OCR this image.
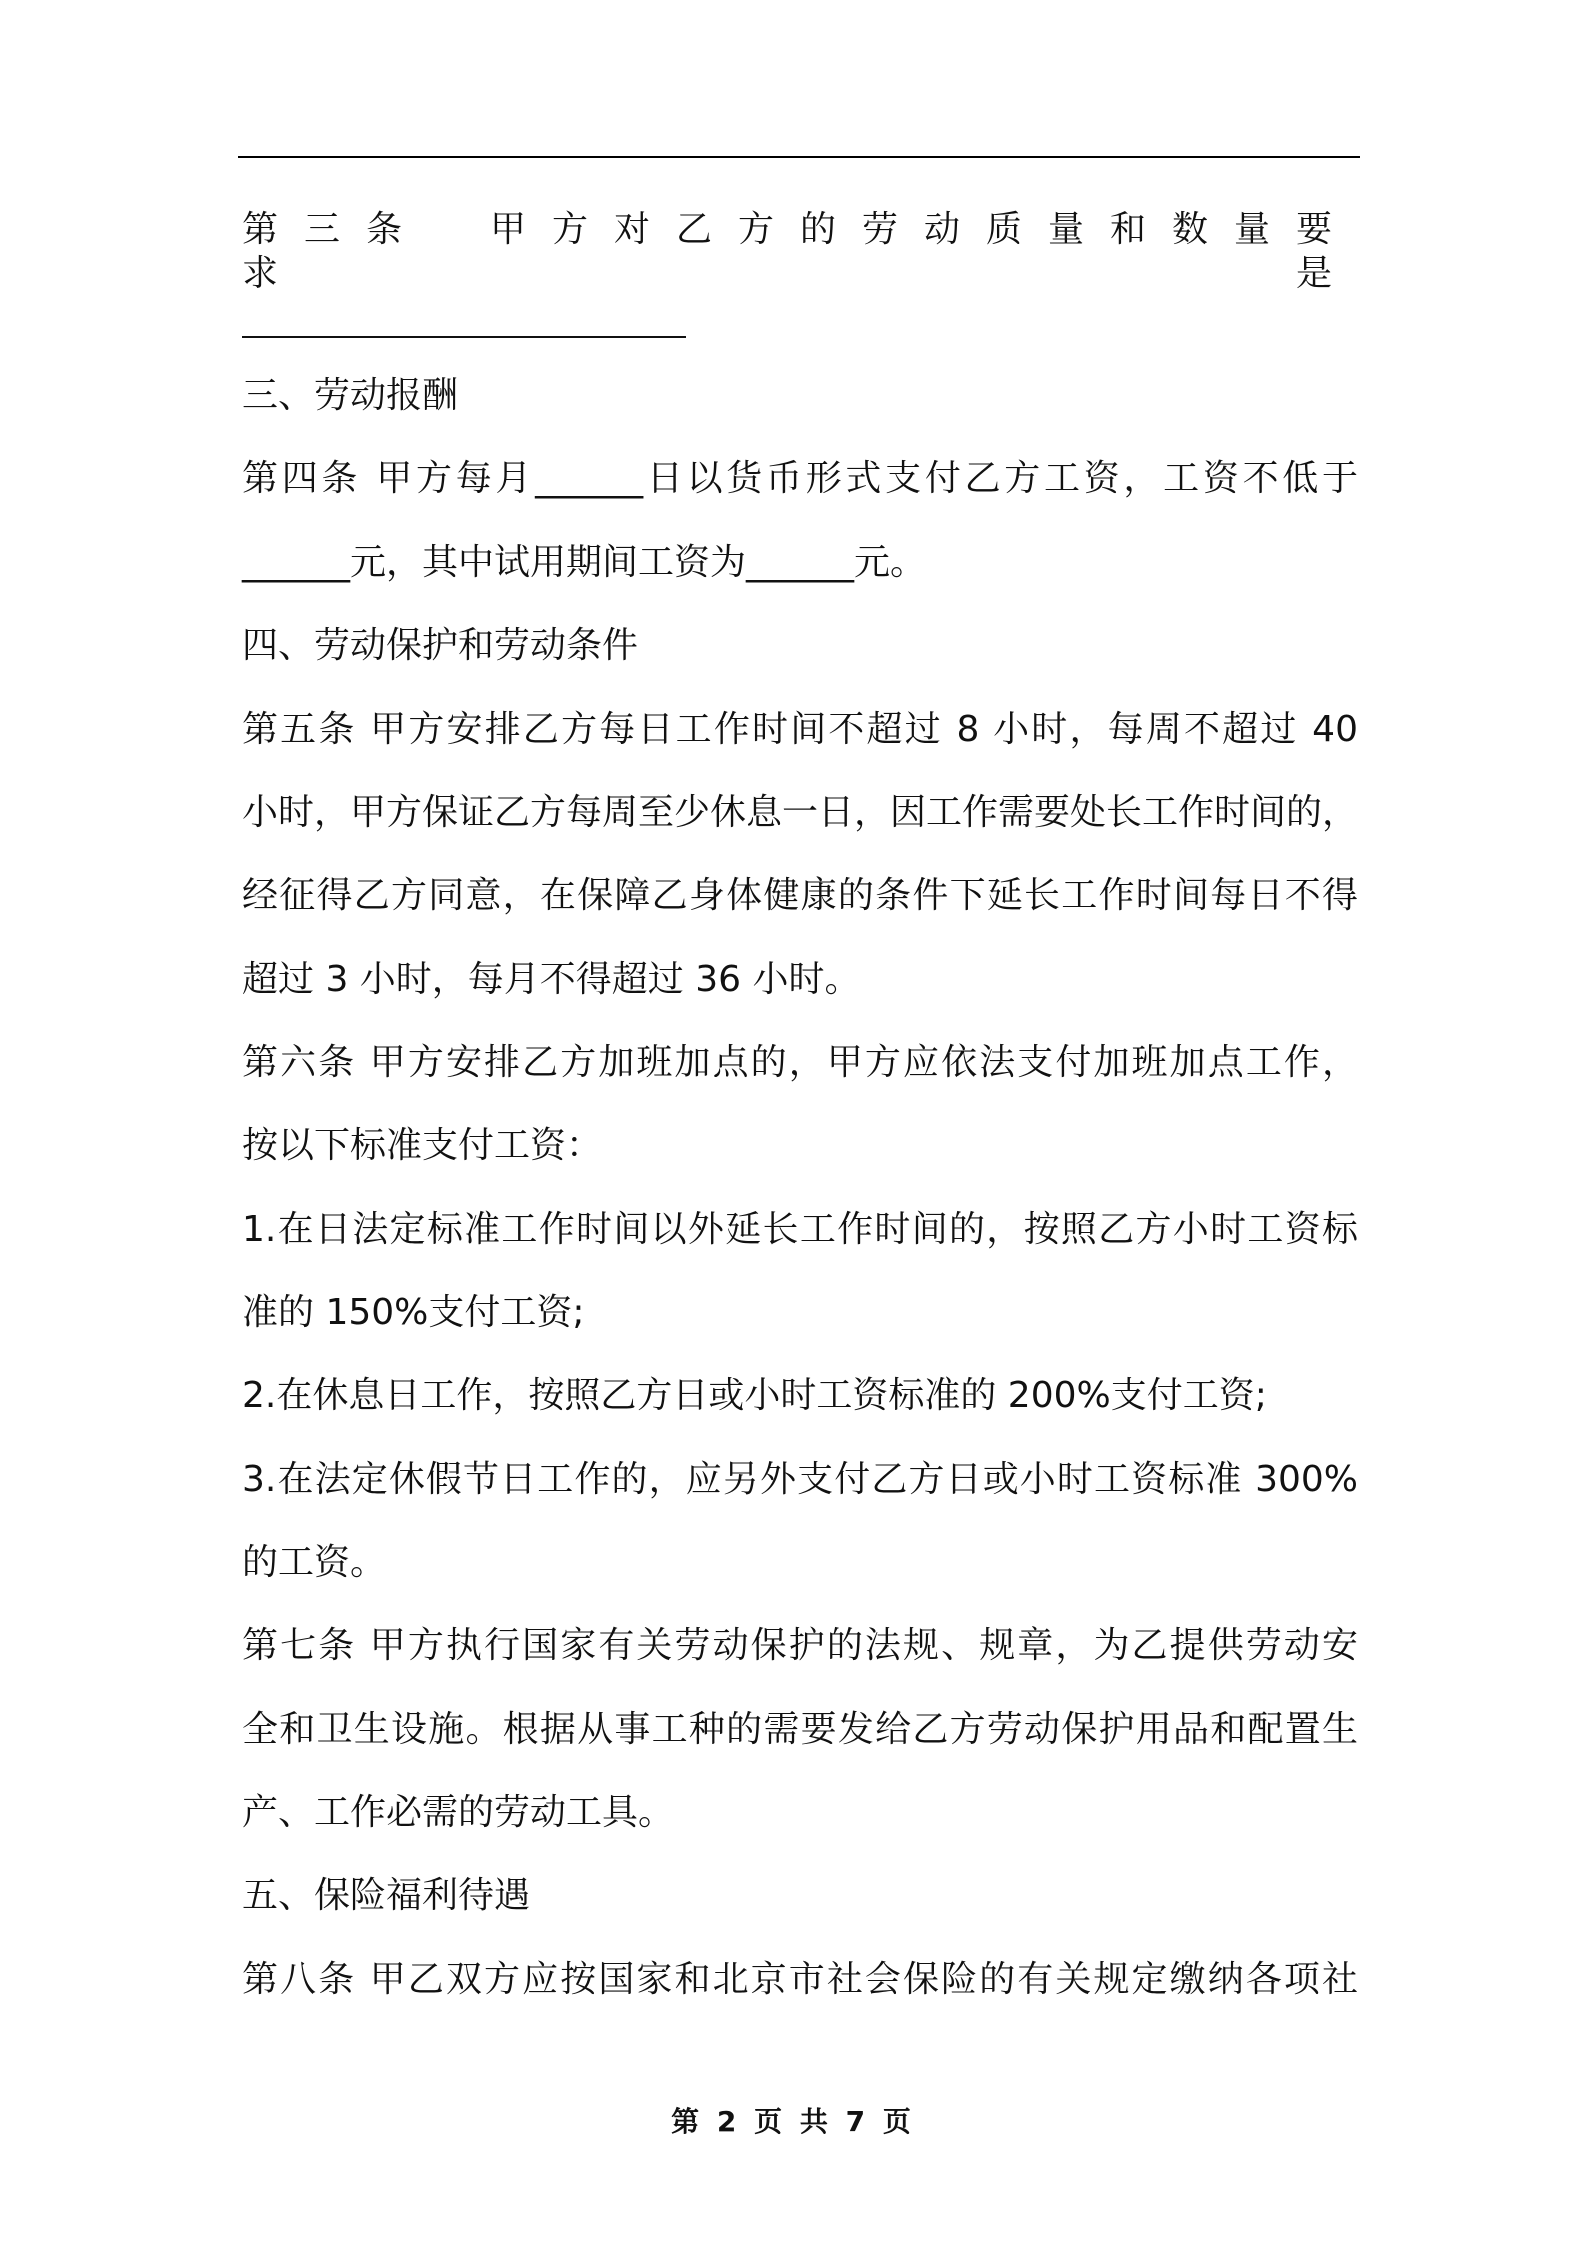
第三条　甲方对乙方的劳动质量和数量要求是
三、劳动报酬
第四条 甲方每月______日以货币形式支付乙方工资，工资不低于
______元，其中试用期间工资为______元。
四、劳动保护和劳动条件
第五条 甲方安排乙方每日工作时间不超过 8 小时，每周不超过 40
小时，甲方保证乙方每周至少休息一日，因工作需要处长工作时间的，
经征得乙方同意，在保障乙身体健康的条件下延长工作时间每日不得
超过 3 小时，每月不得超过 36 小时。
第六条 甲方安排乙方加班加点的，甲方应依法支付加班加点工作，
按以下标准支付工资：
1.在日法定标准工作时间以外延长工作时间的，按照乙方小时工资标
准的 150%支付工资;
2.在休息日工作，按照乙方日或小时工资标准的 200%支付工资;
3.在法定休假节日工作的，应另外支付乙方日或小时工资标准 300%
的工资。
第七条 甲方执行国家有关劳动保护的法规、规章，为乙提供劳动安
全和卫生设施。根据从事工种的需要发给乙方劳动保护用品和配置生
产、工作必需的劳动工具。
五、保险福利待遇
第八条 甲乙双方应按国家和北京市社会保险的有关规定缴纳各项社
第 2 页 共 7 页
